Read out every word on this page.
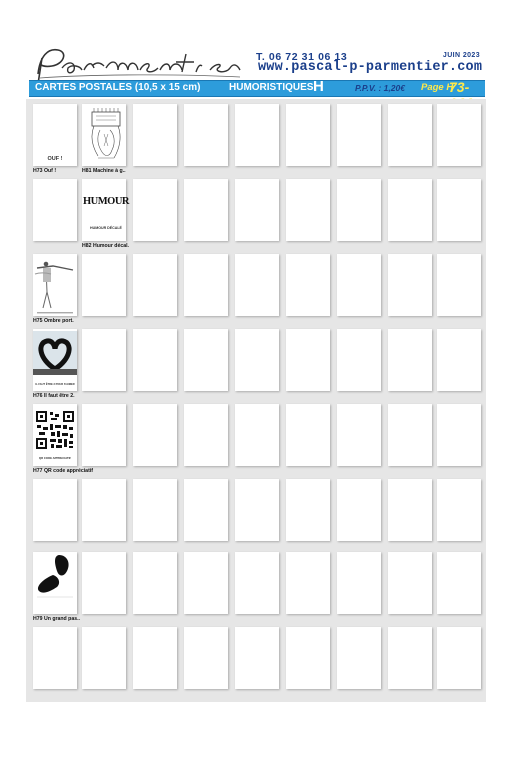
T. 06 72 31 06 13	JUIN 2023
www.pascal-p-parmentier.com
CARTES POSTALES (10,5 x 15 cm)	HUMORISTIQUES H	P.P.V. : 1,20€ Page H
73-
H73 Ouf !	H81 Machine à g..
H82 Humour décal.
H75 Ombre port.
H76 Il faut être 2.
H77 QR code appréciatif
H79 Un grand pas..
OUF !
HUMOUR
HUMOUR DÉCALÉ
IL FAUT ÊTRE 2 POUR S'AIMER
QR CODE APPRECIATIF
